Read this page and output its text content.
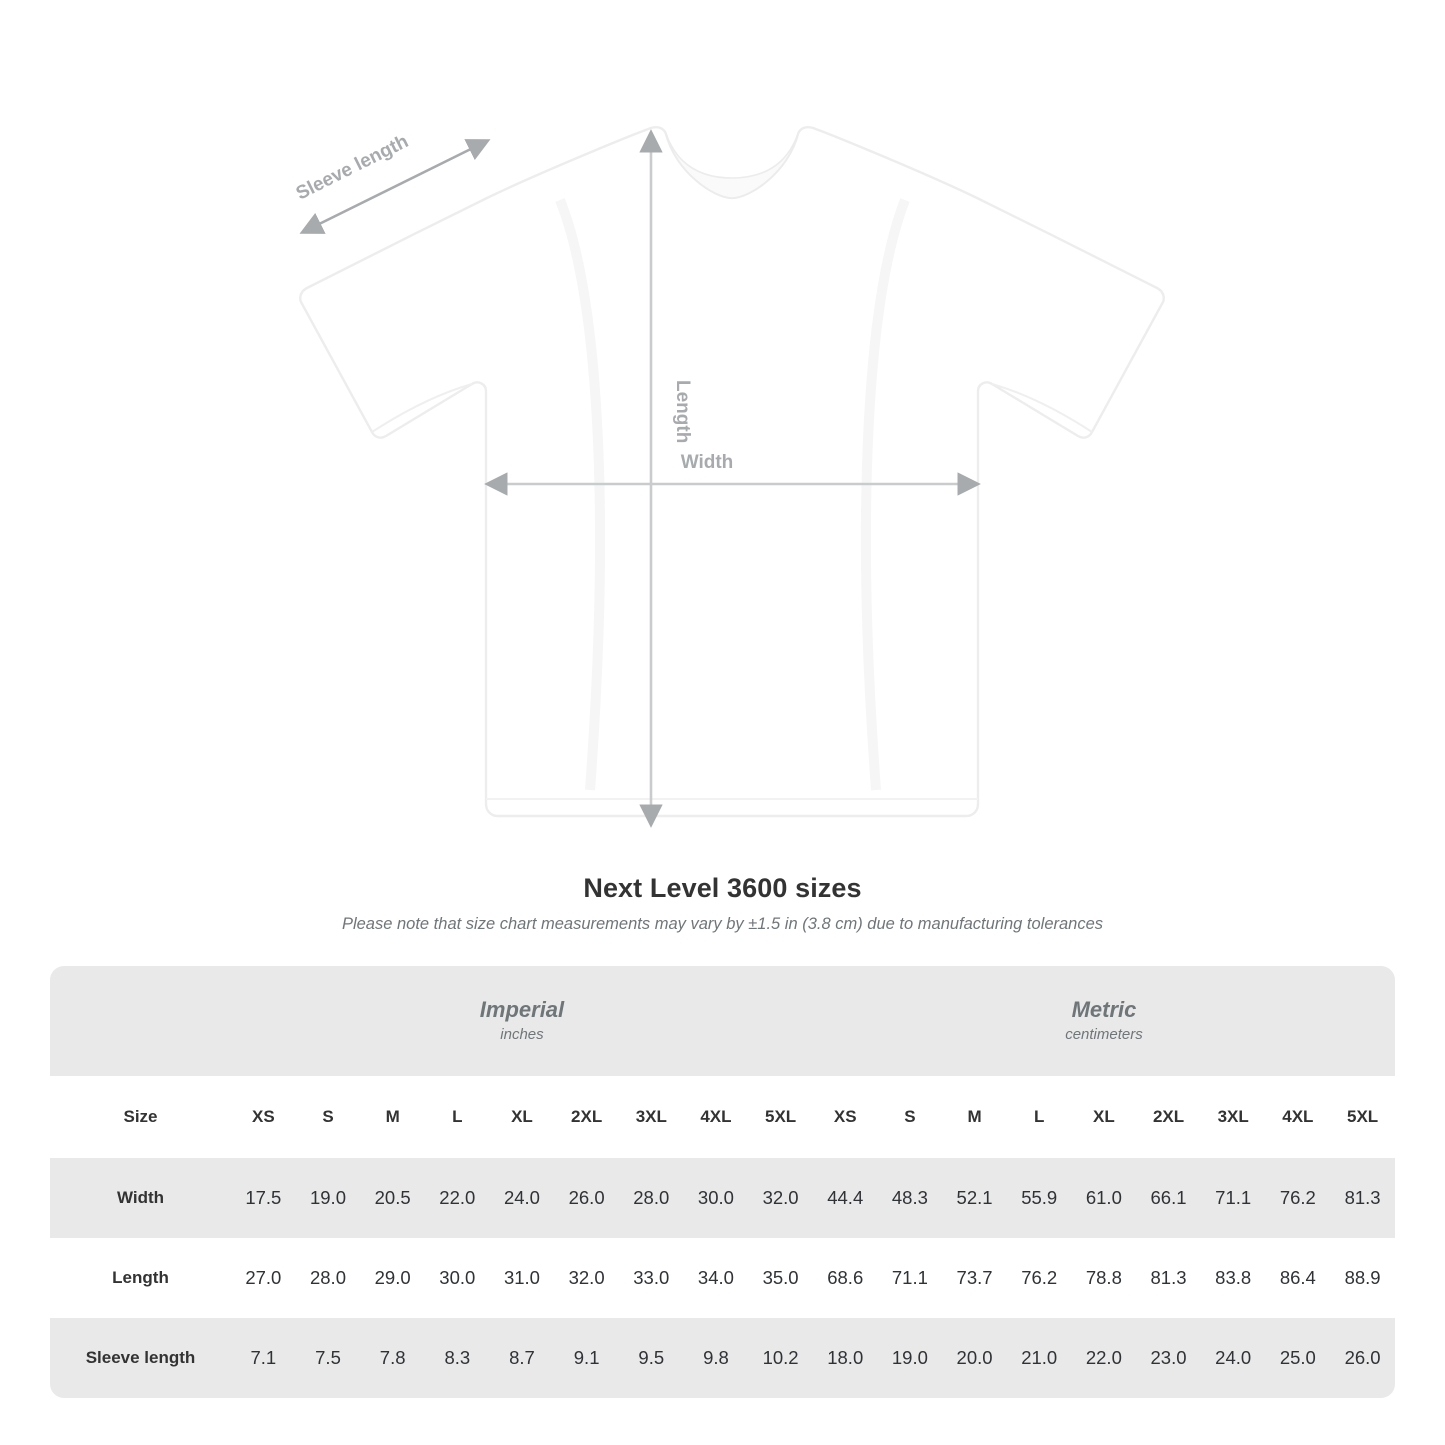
Length
Width
Sleeve length
Next Level 3600 sizes
Please note that size chart measurements may vary by ±1.5 in (3.8 cm) due to manufacturing tolerances

Imperial
inches

Metric
centimeters

Size	XS	S	M	L	XL	2XL	3XL	4XL	5XL	XS	S	M	L	XL	2XL	3XL	4XL	5XL
Width	17.5	19.0	20.5	22.0	24.0	26.0	28.0	30.0	32.0	44.4	48.3	52.1	55.9	61.0	66.1	71.1	76.2	81.3
Length	27.0	28.0	29.0	30.0	31.0	32.0	33.0	34.0	35.0	68.6	71.1	73.7	76.2	78.8	81.3	83.8	86.4	88.9
Sleeve length	7.1	7.5	7.8	8.3	8.7	9.1	9.5	9.8	10.2	18.0	19.0	20.0	21.0	22.0	23.0	24.0	25.0	26.0
